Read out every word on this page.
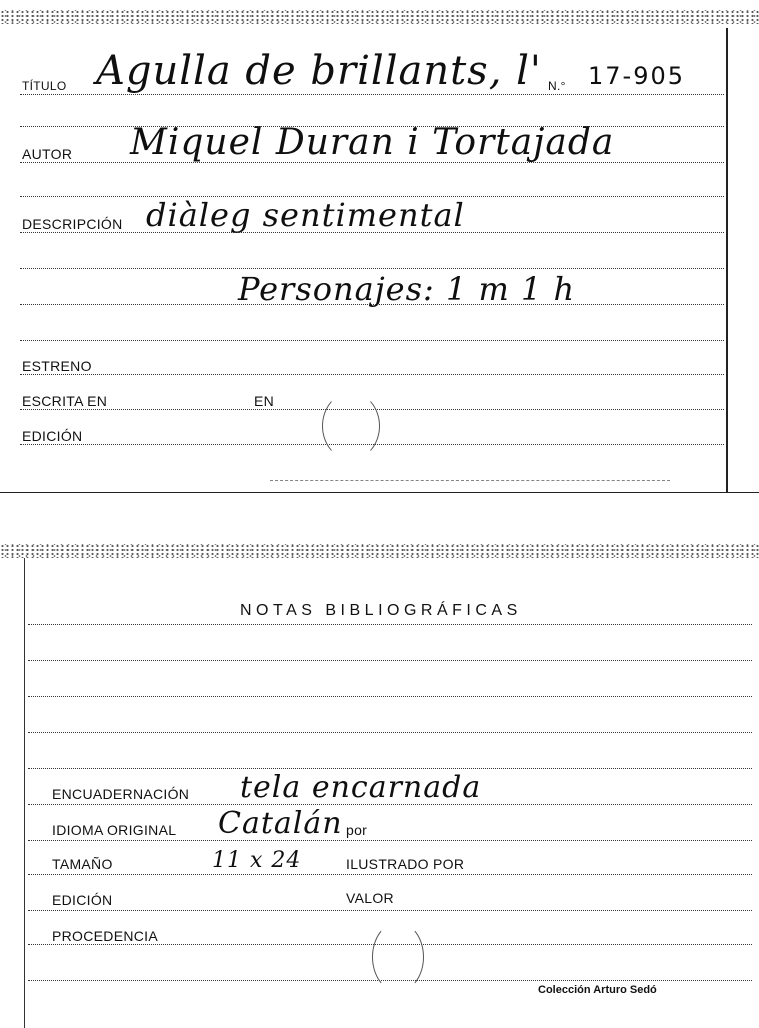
TÍTULO Agulla de brillants, l' N.° 17-905
AUTOR Miquel Duran i Tortajada
DESCRIPCIÓN diàleg sentimental
Personajes: 1 m 1 h
ESTRENO
ESCRITA EN	EN
EDICIÓN
NOTAS BIBLIOGRÁFICAS
ENCUADERNACIÓN tela encarnada
IDIOMA ORIGINAL Catalán por
TAMAÑO	11 x 24	ILUSTRADO POR
EDICIÓN	VALOR
PROCEDENCIA
Colección Arturo Sedó
